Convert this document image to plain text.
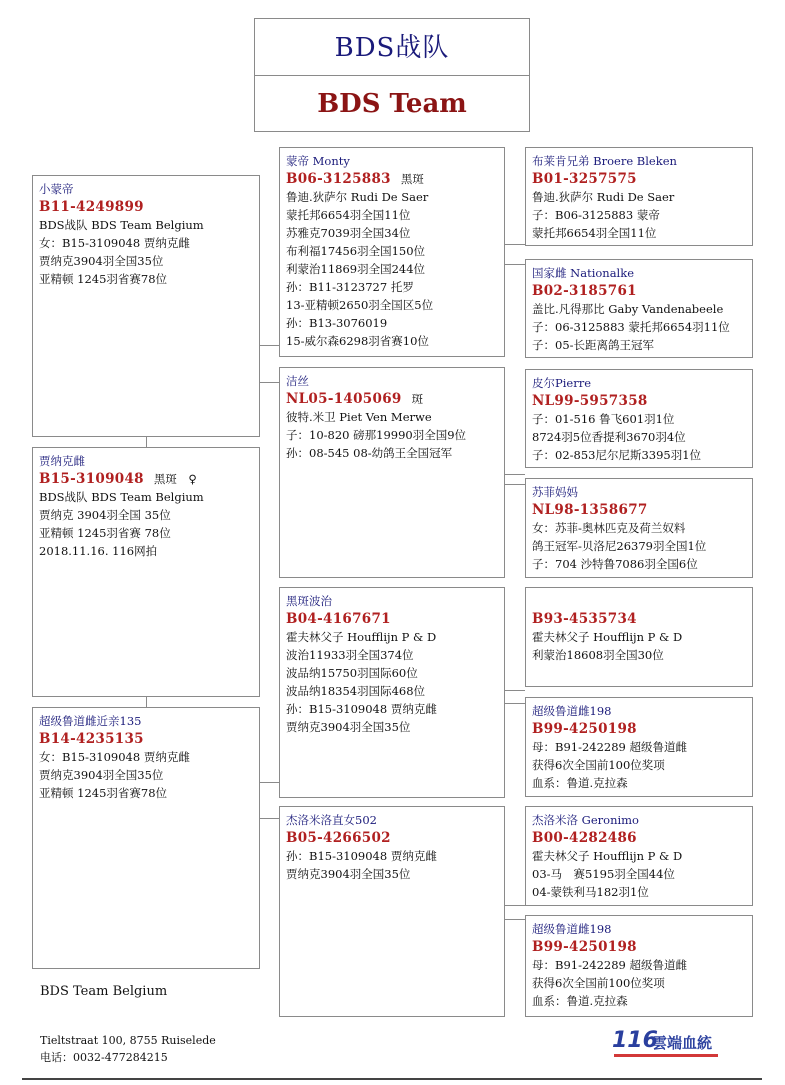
BDS战队
BDS Team
小蒙帝
B11-4249899
BDS战队 BDS Team Belgium
女：B15-3109048 贾纳克雌
贾纳克3904羽全国35位
亚精顿 1245羽省赛78位
贾纳克雌
B15-3109048 黑斑　♀
BDS战队 BDS Team Belgium
贾纳克 3904羽全国 35位
亚精顿 1245羽省赛 78位
2018.11.16. 116网拍
超级鲁道雌近亲135
B14-4235135
女：B15-3109048 贾纳克雌
贾纳克3904羽全国35位
亚精顿 1245羽省赛78位
蒙帝 Monty
B06-3125883 黑斑
鲁迪.狄萨尔 Rudi De Saer
蒙托邦6654羽全国11位
苏雅克7039羽全国34位
布利福17456羽全国150位
利蒙治11869羽全国244位
孙：B11-3123727 托罗
13-亚精顿2650羽全国区5位
孙：B13-3076019
15-威尔森6298羽省赛10位
洁丝
NL05-1405069 斑
彼特.米卫 Piet Ven Merwe
子：10-820 磅那19990羽全国9位
孙：08-545 08-幼鸽王全国冠军
黑斑波治
B04-4167671
霍夫林父子 Houfflijn P & D
波治11933羽全国374位
波品纳15750羽国际60位
波品纳18354羽国际468位
孙：B15-3109048 贾纳克雌
贾纳克3904羽全国35位
杰洛米洛直女502
B05-4266502
孙：B15-3109048 贾纳克雌
贾纳克3904羽全国35位
布莱肯兄弟 Broere Bleken
B01-3257575
鲁迪.狄萨尔 Rudi De Saer
子：B06-3125883 蒙帝
蒙托邦6654羽全国11位
国家雌 Nationalke
B02-3185761
盖比.凡得那比 Gaby Vandenabeele
子：06-3125883 蒙托邦6654羽11位
子：05-长距离鸽王冠军
皮尔Pierre
NL99-5957358
子：01-516 鲁飞601羽1位
8724羽5位香提利3670羽4位
子：02-853尼尔尼斯3395羽1位
苏菲妈妈
NL98-1358677
女：苏菲-奥林匹克及荷兰奴料
鸽王冠军-贝洛尼26379羽全国1位
子：704 沙特鲁7086羽全国6位
B93-4535734
霍夫林父子 Houfflijn P & D
利蒙治18608羽全国30位
超级鲁道雌198
B99-4250198
母：B91-242289 超级鲁道雌
获得6次全国前100位奖项
血系：鲁道.克拉森
杰洛米洛 Geronimo
B00-4282486
霍夫林父子 Houfflijn P & D
03-马　赛5195羽全国44位
04-蒙铁利马182羽1位
超级鲁道雌198
B99-4250198
母：B91-242289 超级鲁道雌
获得6次全国前100位奖项
血系：鲁道.克拉森
BDS Team Belgium
Tieltstraat 100, 8755 Ruiselede
电话：0032-477284215
116
雲端血統
